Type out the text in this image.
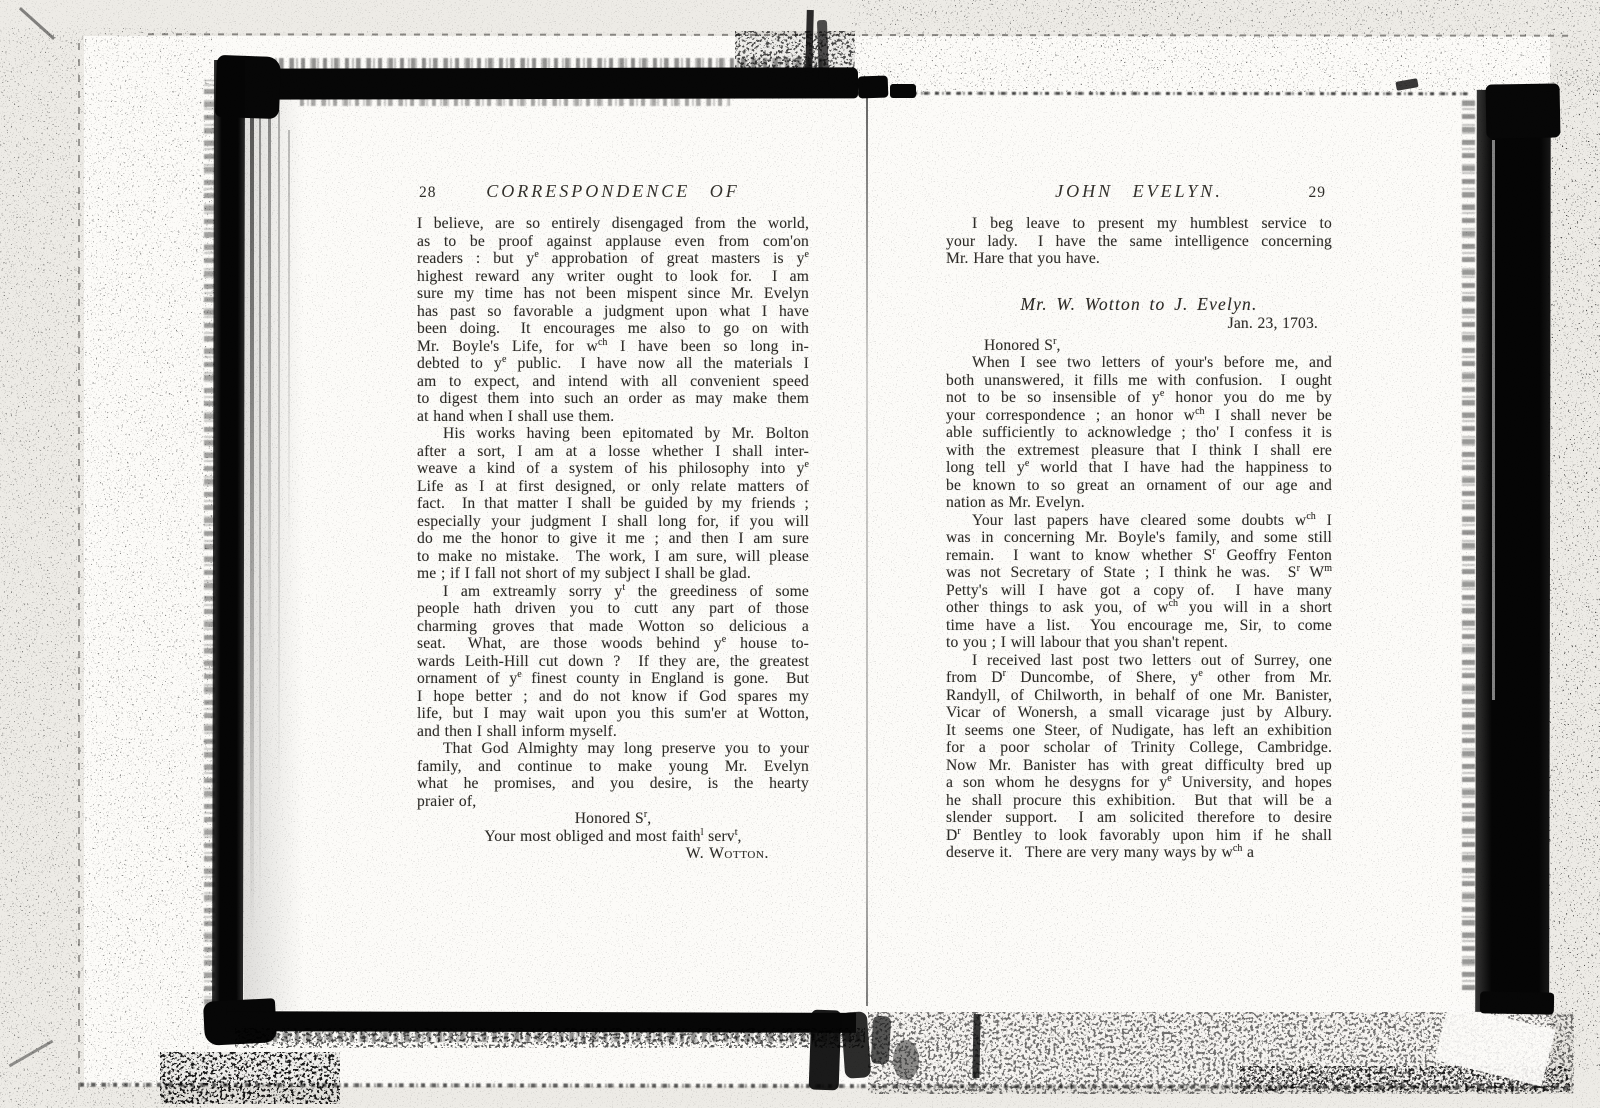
28	CORRESPONDENCE OF
I believe, are so entirely disengaged from the world,
as to be proof against applause even from com'on
readers : but $y^e$ approbation of great masters is $y^e$
highest reward any writer ought to look for.  I am
sure my time has not been mispent since Mr. Evelyn
has past so favorable a judgment upon what I have
been doing.  It encourages me also to go on with
Mr. Boyle's Life, for $w^{ch}$ I have been so long in-
debted to $y^e$ public.  I have now all the materials I
am to expect, and intend with all convenient speed
to digest them into such an order as may make them
at hand when I shall use them.
His works having been epitomated by Mr. Bolton
after a sort, I am at a losse whether I shall inter-
weave a kind of a system of his philosophy into $y^e$
Life as I at first designed, or only relate matters of
fact.  In that matter I shall be guided by my friends ;
especially your judgment I shall long for, if you will
do me the honor to give it me ; and then I am sure
to make no mistake.  The work, I am sure, will please
me ; if I fall not short of my subject I shall be glad.
I am extreamly sorry $y^t$ the greediness of some
people hath driven you to cutt any part of those
charming groves that made Wotton so delicious a
seat.  What, are those woods behind $y^e$ house to-
wards Leith-Hill cut down ?  If they are, the greatest
ornament of $y^e$ finest county in England is gone.  But
I hope better ; and do not know if God spares my
life, but I may wait upon you this sum'er at Wotton,
and then I shall inform myself.
That God Almighty may long preserve you to your
family, and continue to make young Mr. Evelyn
what he promises, and you desire, is the hearty
praier of,
Honored $S^r$,
Your most obliged and most faith$^l$ serv$^t$,
W. Wotton.
JOHN EVELYN.	29
I beg leave to present my humblest service to
your lady.  I have the same intelligence concerning
Mr. Hare that you have.
Mr. W. Wotton to J. Evelyn.
Jan. 23, 1703.
Honored $S^r$,
When I see two letters of your's before me, and
both unanswered, it fills me with confusion.  I ought
not to be so insensible of $y^e$ honor you do me by
your correspondence ; an honor $w^{ch}$ I shall never be
able sufficiently to acknowledge ; tho' I confess it is
with the extremest pleasure that I think I shall ere
long tell $y^e$ world that I have had the happiness to
be known to so great an ornament of our age and
nation as Mr. Evelyn.
Your last papers have cleared some doubts $w^{ch}$ I
was in concerning Mr. Boyle's family, and some still
remain.  I want to know whether $S^r$ Geoffry Fenton
was not Secretary of State ; I think he was.  $S^r$ $W^m$
Petty's will I have got a copy of.  I have many
other things to ask you, of $w^{ch}$ you will in a short
time have a list.  You encourage me, Sir, to come
to you ; I will labour that you shan't repent.
I received last post two letters out of Surrey, one
from $D^r$ Duncombe, of Shere, $y^e$ other from Mr.
Randyll, of Chilworth, in behalf of one Mr. Banister,
Vicar of Wonersh, a small vicarage just by Albury.
It seems one Steer, of Nudigate, has left an exhibition
for a poor scholar of Trinity College, Cambridge.
Now Mr. Banister has with great difficulty bred up
a son whom he desygns for $y^e$ University, and hopes
he shall procure this exhibition.  But that will be a
slender support.  I am solicited therefore to desire
$D^r$ Bentley to look favorably upon him if he shall
deserve it.  There are very many ways by $w^{ch}$ a
